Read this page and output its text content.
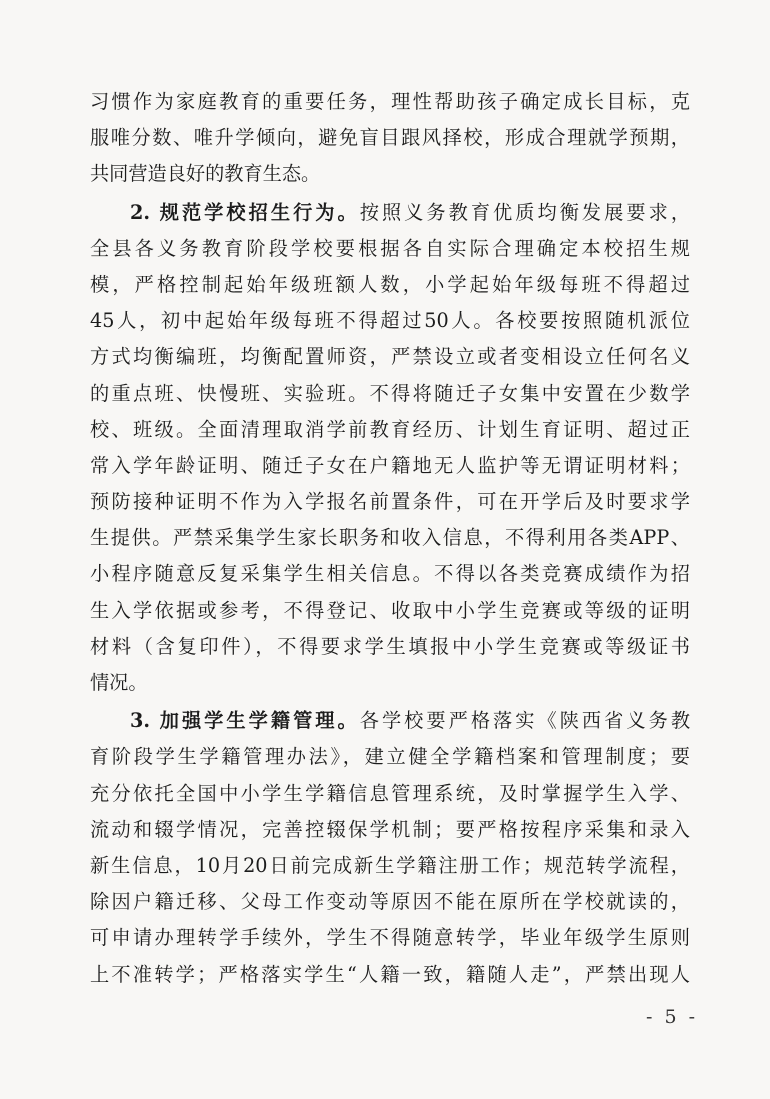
习惯作为家庭教育的重要任务，理性帮助孩子确定成长目标，克
服唯分数、唯升学倾向，避免盲目跟风择校，形成合理就学预期，
共同营造良好的教育生态。
2. 规范学校招生行为。按照义务教育优质均衡发展要求，
全县各义务教育阶段学校要根据各自实际合理确定本校招生规
模，严格控制起始年级班额人数，小学起始年级每班不得超过
45人，初中起始年级每班不得超过50人。各校要按照随机派位
方式均衡编班，均衡配置师资，严禁设立或者变相设立任何名义
的重点班、快慢班、实验班。不得将随迁子女集中安置在少数学
校、班级。全面清理取消学前教育经历、计划生育证明、超过正
常入学年龄证明、随迁子女在户籍地无人监护等无谓证明材料；
预防接种证明不作为入学报名前置条件，可在开学后及时要求学
生提供。严禁采集学生家长职务和收入信息，不得利用各类APP、
小程序随意反复采集学生相关信息。不得以各类竞赛成绩作为招
生入学依据或参考，不得登记、收取中小学生竞赛或等级的证明
材料（含复印件），不得要求学生填报中小学生竞赛或等级证书
情况。
3. 加强学生学籍管理。各学校要严格落实《陕西省义务教
育阶段学生学籍管理办法》，建立健全学籍档案和管理制度；要
充分依托全国中小学生学籍信息管理系统，及时掌握学生入学、
流动和辍学情况，完善控辍保学机制；要严格按程序采集和录入
新生信息，10月20日前完成新生学籍注册工作；规范转学流程，
除因户籍迁移、父母工作变动等原因不能在原所在学校就读的，
可申请办理转学手续外，学生不得随意转学，毕业年级学生原则
上不准转学；严格落实学生“人籍一致，籍随人走”，严禁出现人
- 5 -
